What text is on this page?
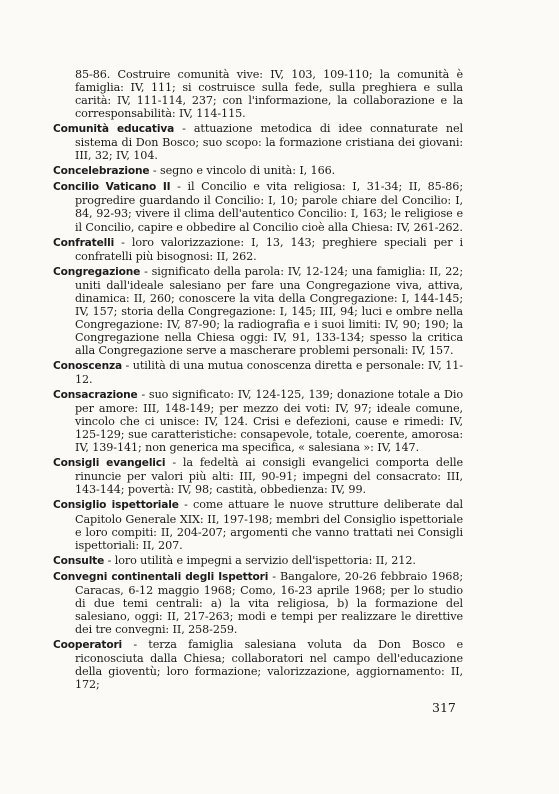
85-86. Costruire comunità vive: IV, 103, 109-110; la comunità è famiglia: IV, 111; si costruisce sulla fede, sulla preghiera e sulla carità: IV, 111-114, 237; con l'informazione, la collaborazione e la corresponsabilità: IV, 114-115.

Comunità educativa - attuazione metodica di idee connaturate nel sistema di Don Bosco; suo scopo: la formazione cristiana dei giovani: III, 32; IV, 104.

Concelebrazione - segno e vincolo di unità: I, 166.

Concilio Vaticano II - il Concilio e vita religiosa: I, 31-34; II, 85-86; progredire guardando il Concilio: I, 10; parole chiare del Concilio: I, 84, 92-93; vivere il clima dell'autentico Concilio: I, 163; le religiose e il Concilio, capire e obbedire al Concilio cioè alla Chiesa: IV, 261-262.

Confratelli - loro valorizzazione: I, 13, 143; preghiere speciali per i confratelli più bisognosi: II, 262.

Congregazione - significato della parola: IV, 12-124; una famiglia: II, 22; uniti dall'ideale salesiano per fare una Congregazione viva, attiva, dinamica: II, 260; conoscere la vita della Congregazione: I, 144-145; IV, 157; storia della Congregazione: I, 145; III, 94; luci e ombre nella Congregazione: IV, 87-90; la radiografia e i suoi limiti: IV, 90; 190; la Congregazione nella Chiesa oggi: IV, 91, 133-134; spesso la critica alla Congregazione serve a mascherare problemi personali: IV, 157.

Conoscenza - utilità di una mutua conoscenza diretta e personale: IV, 11-12.

Consacrazione - suo significato: IV, 124-125, 139; donazione totale a Dio per amore: III, 148-149; per mezzo dei voti: IV, 97; ideale comune, vincolo che ci unisce: IV, 124. Crisi e defezioni, cause e rimedi: IV, 125-129; sue caratteristiche: consapevole, totale, coerente, amorosa: IV, 139-141; non generica ma specifica, « salesiana »: IV, 147.

Consigli evangelici - la fedeltà ai consigli evangelici comporta delle rinuncie per valori più alti: III, 90-91; impegni del consacrato: III, 143-144; povertà: IV, 98; castità, obbedienza: IV, 99.

Consiglio ispettoriale - come attuare le nuove strutture deliberate dal Capitolo Generale XIX: II, 197-198; membri del Consiglio ispettoriale e loro compiti: II, 204-207; argomenti che vanno trattati nei Consigli ispettoriali: II, 207.

Consulte - loro utilità e impegni a servizio dell'ispettoria: II, 212.

Convegni continentali degli Ispettori - Bangalore, 20-26 febbraio 1968; Caracas, 6-12 maggio 1968; Como, 16-23 aprile 1968; per lo studio di due temi centrali: a) la vita religiosa, b) la formazione del salesiano, oggi: II, 217-263; modi e tempi per realizzare le direttive dei tre convegni: II, 258-259.

Cooperatori - terza famiglia salesiana voluta da Don Bosco e riconosciuta dalla Chiesa; collaboratori nel campo dell'educazione della gioventù; loro formazione; valorizzazione, aggiornamento: II, 172;

317
